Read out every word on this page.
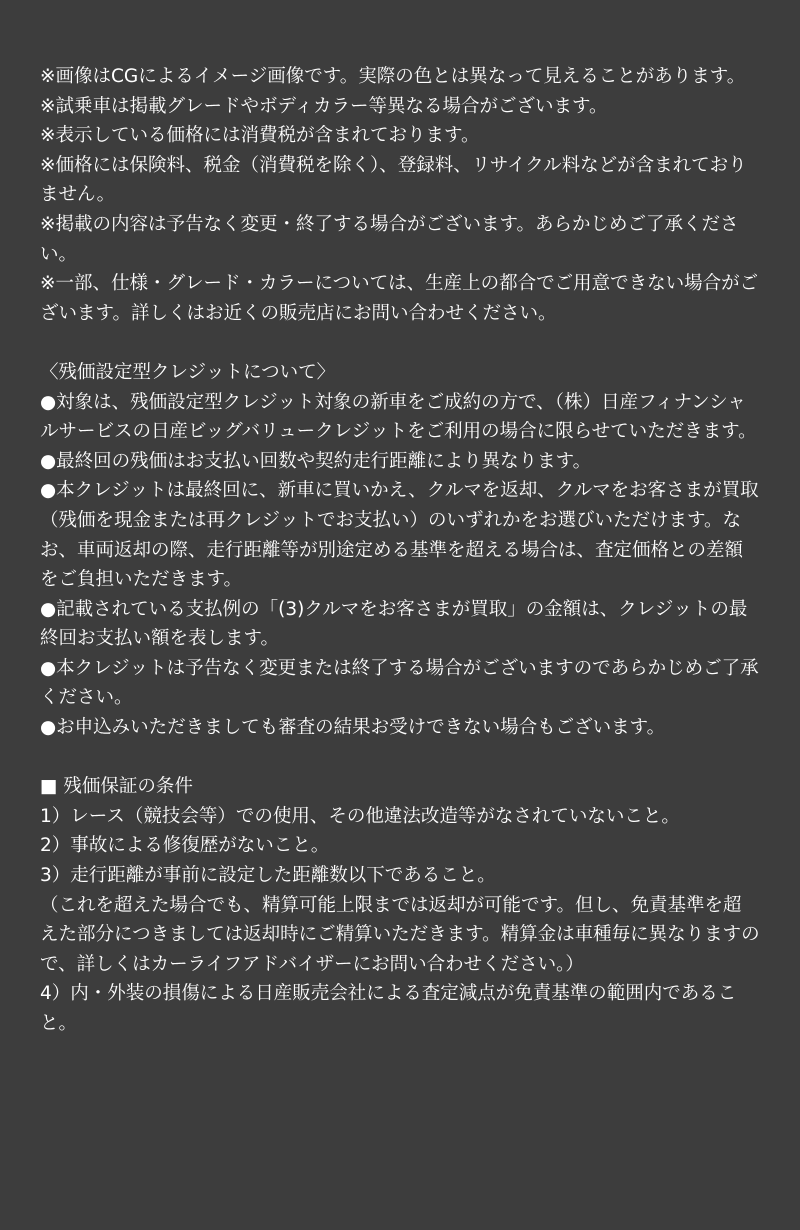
※画像はCGによるイメージ画像です。実際の色とは異なって見えることがあります。

※試乗車は掲載グレードやボディカラー等異なる場合がございます。

※表示している価格には消費税が含まれております。

※価格には保険料、税金（消費税を除く）、登録料、リサイクル料などが含まれておりません。

※掲載の内容は予告なく変更・終了する場合がございます。あらかじめご了承ください。

※一部、仕様・グレード・カラーについては、生産上の都合でご用意できない場合がございます。詳しくはお近くの販売店にお問い合わせください。

〈残価設定型クレジットについて〉

●対象は、残価設定型クレジット対象の新車をご成約の方で、（株）日産フィナンシャルサービスの日産ビッグバリュークレジットをご利用の場合に限らせていただきます。

●最終回の残価はお支払い回数や契約走行距離により異なります。

●本クレジットは最終回に、新車に買いかえ、クルマを返却、クルマをお客さまが買取（残価を現金または再クレジットでお支払い）のいずれかをお選びいただけます。なお、車両返却の際、走行距離等が別途定める基準を超える場合は、査定価格との差額をご負担いただきます。

●記載されている支払例の「(3)クルマをお客さまが買取」の金額は、クレジットの最終回お支払い額を表します。

●本クレジットは予告なく変更または終了する場合がございますのであらかじめご了承ください。

●お申込みいただきましても審査の結果お受けできない場合もございます。

■ 残価保証の条件

1）レース（競技会等）での使用、その他違法改造等がなされていないこと。

2）事故による修復歴がないこと。

3）走行距離が事前に設定した距離数以下であること。

（これを超えた場合でも、精算可能上限までは返却が可能です。但し、免責基準を超えた部分につきましては返却時にご精算いただきます。精算金は車種毎に異なりますので、詳しくはカーライフアドバイザーにお問い合わせください。）

4）内・外装の損傷による日産販売会社による査定減点が免責基準の範囲内であること。
